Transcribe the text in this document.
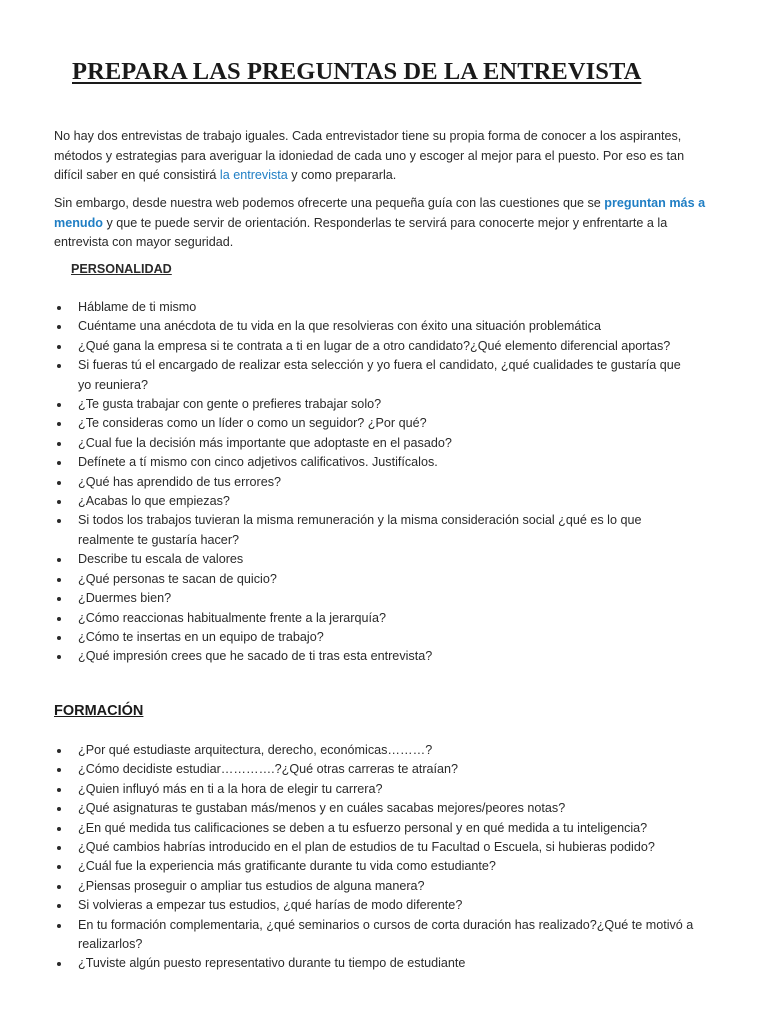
PREPARA LAS PREGUNTAS DE LA ENTREVISTA

No hay dos entrevistas de trabajo iguales. Cada entrevistador tiene su propia forma de conocer a los aspirantes, métodos y estrategias para averiguar la idoniedad de cada uno y escoger al mejor para el puesto. Por eso es tan difícil saber en qué consistirá la entrevista y como prepararla.

Sin embargo, desde nuestra web podemos ofrecerte una pequeña guía con las cuestiones que se preguntan más a menudo y que te puede servir de orientación. Responderlas te servirá para conocerte mejor y enfrentarte a la entrevista con mayor seguridad.

PERSONALIDAD
Háblame de ti mismo
Cuéntame una anécdota de tu vida en la que resolvieras con éxito una situación problemática
¿Qué gana la empresa si te contrata a ti en lugar de a otro candidato?¿Qué elemento diferencial aportas?
Si fueras tú el encargado de realizar esta selección y yo fuera el candidato, ¿qué cualidades te gustaría que yo reuniera?
¿Te gusta trabajar con gente o prefieres trabajar solo?
¿Te consideras como un líder o como un seguidor? ¿Por qué?
¿Cual fue la decisión más importante que adoptaste en el pasado?
Defínete a tí mismo con cinco adjetivos calificativos. Justifícalos.
¿Qué has aprendido de tus errores?
¿Acabas lo que empiezas?
Si todos los trabajos tuvieran la misma remuneración y la misma consideración social ¿qué es lo que realmente te gustaría hacer?
Describe tu escala de valores
¿Qué personas te sacan de quicio?
¿Duermes bien?
¿Cómo reaccionas habitualmente frente a la jerarquía?
¿Cómo te insertas en un equipo de trabajo?
¿Qué impresión crees que he sacado de ti tras esta entrevista?
FORMACIÓN
¿Por qué estudiaste arquitectura, derecho, económicas………?
¿Cómo decidiste estudiar………….?¿Qué otras carreras te atraían?
¿Quien influyó más en ti a la hora de elegir tu carrera?
¿Qué asignaturas te gustaban más/menos y en cuáles sacabas mejores/peores notas?
¿En qué medida tus calificaciones se deben a tu esfuerzo personal y en qué medida a tu inteligencia?
¿Qué cambios habrías introducido en el plan de estudios de tu Facultad o Escuela, si hubieras podido?
¿Cuál fue la experiencia más gratificante durante tu vida como estudiante?
¿Piensas proseguir o ampliar tus estudios de alguna manera?
Si volvieras a empezar tus estudios, ¿qué harías de modo diferente?
En tu formación complementaria, ¿qué seminarios o cursos de corta duración has realizado?¿Qué te motivó a realizarlos?
¿Tuviste algún puesto representativo durante tu tiempo de estudiante
